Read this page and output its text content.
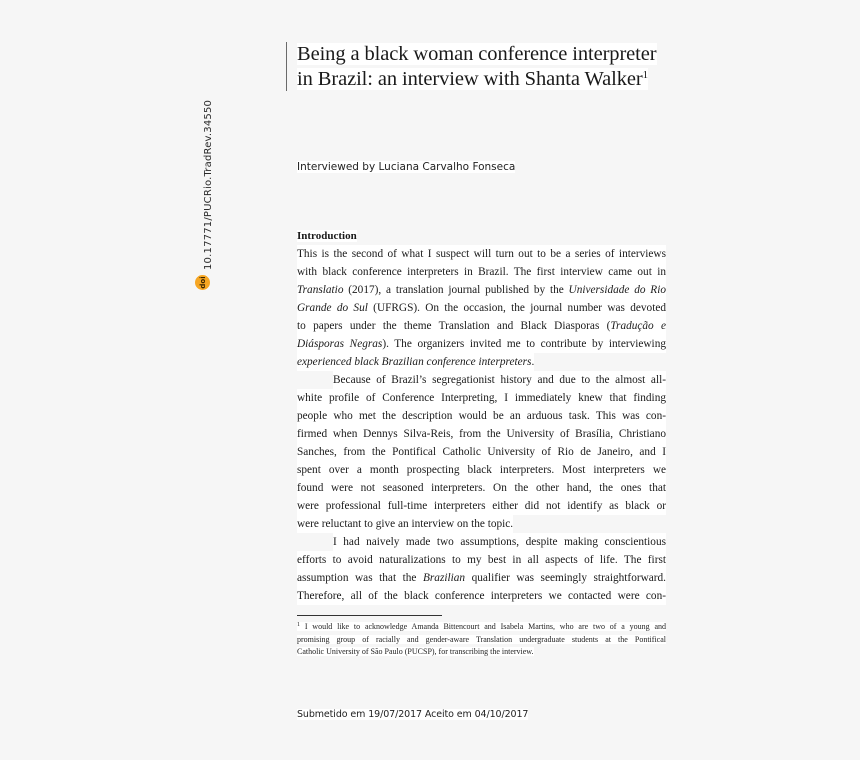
Being a black woman conference interpreter
in Brazil: an interview with Shanta Walker$^1$
10.17771/PUCRio.TradRev.34550
doi
Interviewed by Luciana Carvalho Fonseca
Introduction
This is the second of what I suspect will turn out to be a series of interviews
with black conference interpreters in Brazil. The first interview came out in
Translatio (2017), a translation journal published by the Universidade do Rio
Grande do Sul (UFRGS). On the occasion, the journal number was devoted
to papers under the theme Translation and Black Diasporas (Tradução e
Diásporas Negras). The organizers invited me to contribute by interviewing
experienced black Brazilian conference interpreters.
Because of Brazil’s segregationist history and due to the almost all-
white profile of Conference Interpreting, I immediately knew that finding
people who met the description would be an arduous task. This was con-
firmed when Dennys Silva-Reis, from the University of Brasília, Christiano
Sanches, from the Pontifical Catholic University of Rio de Janeiro, and I
spent over a month prospecting black interpreters. Most interpreters we
found were not seasoned interpreters. On the other hand, the ones that
were professional full-time interpreters either did not identify as black or
were reluctant to give an interview on the topic.
I had naively made two assumptions, despite making conscientious
efforts to avoid naturalizations to my best in all aspects of life. The first
assumption was that the Brazilian qualifier was seemingly straightforward.
Therefore, all of the black conference interpreters we contacted were con-
$^1$ I would like to acknowledge Amanda Bittencourt and Isabela Martins, who are two of a young and
promising group of racially and gender-aware Translation undergraduate students at the Pontifical
Catholic University of São Paulo (PUCSP), for transcribing the interview.
Submetido em 19/07/2017 Aceito em 04/10/2017
